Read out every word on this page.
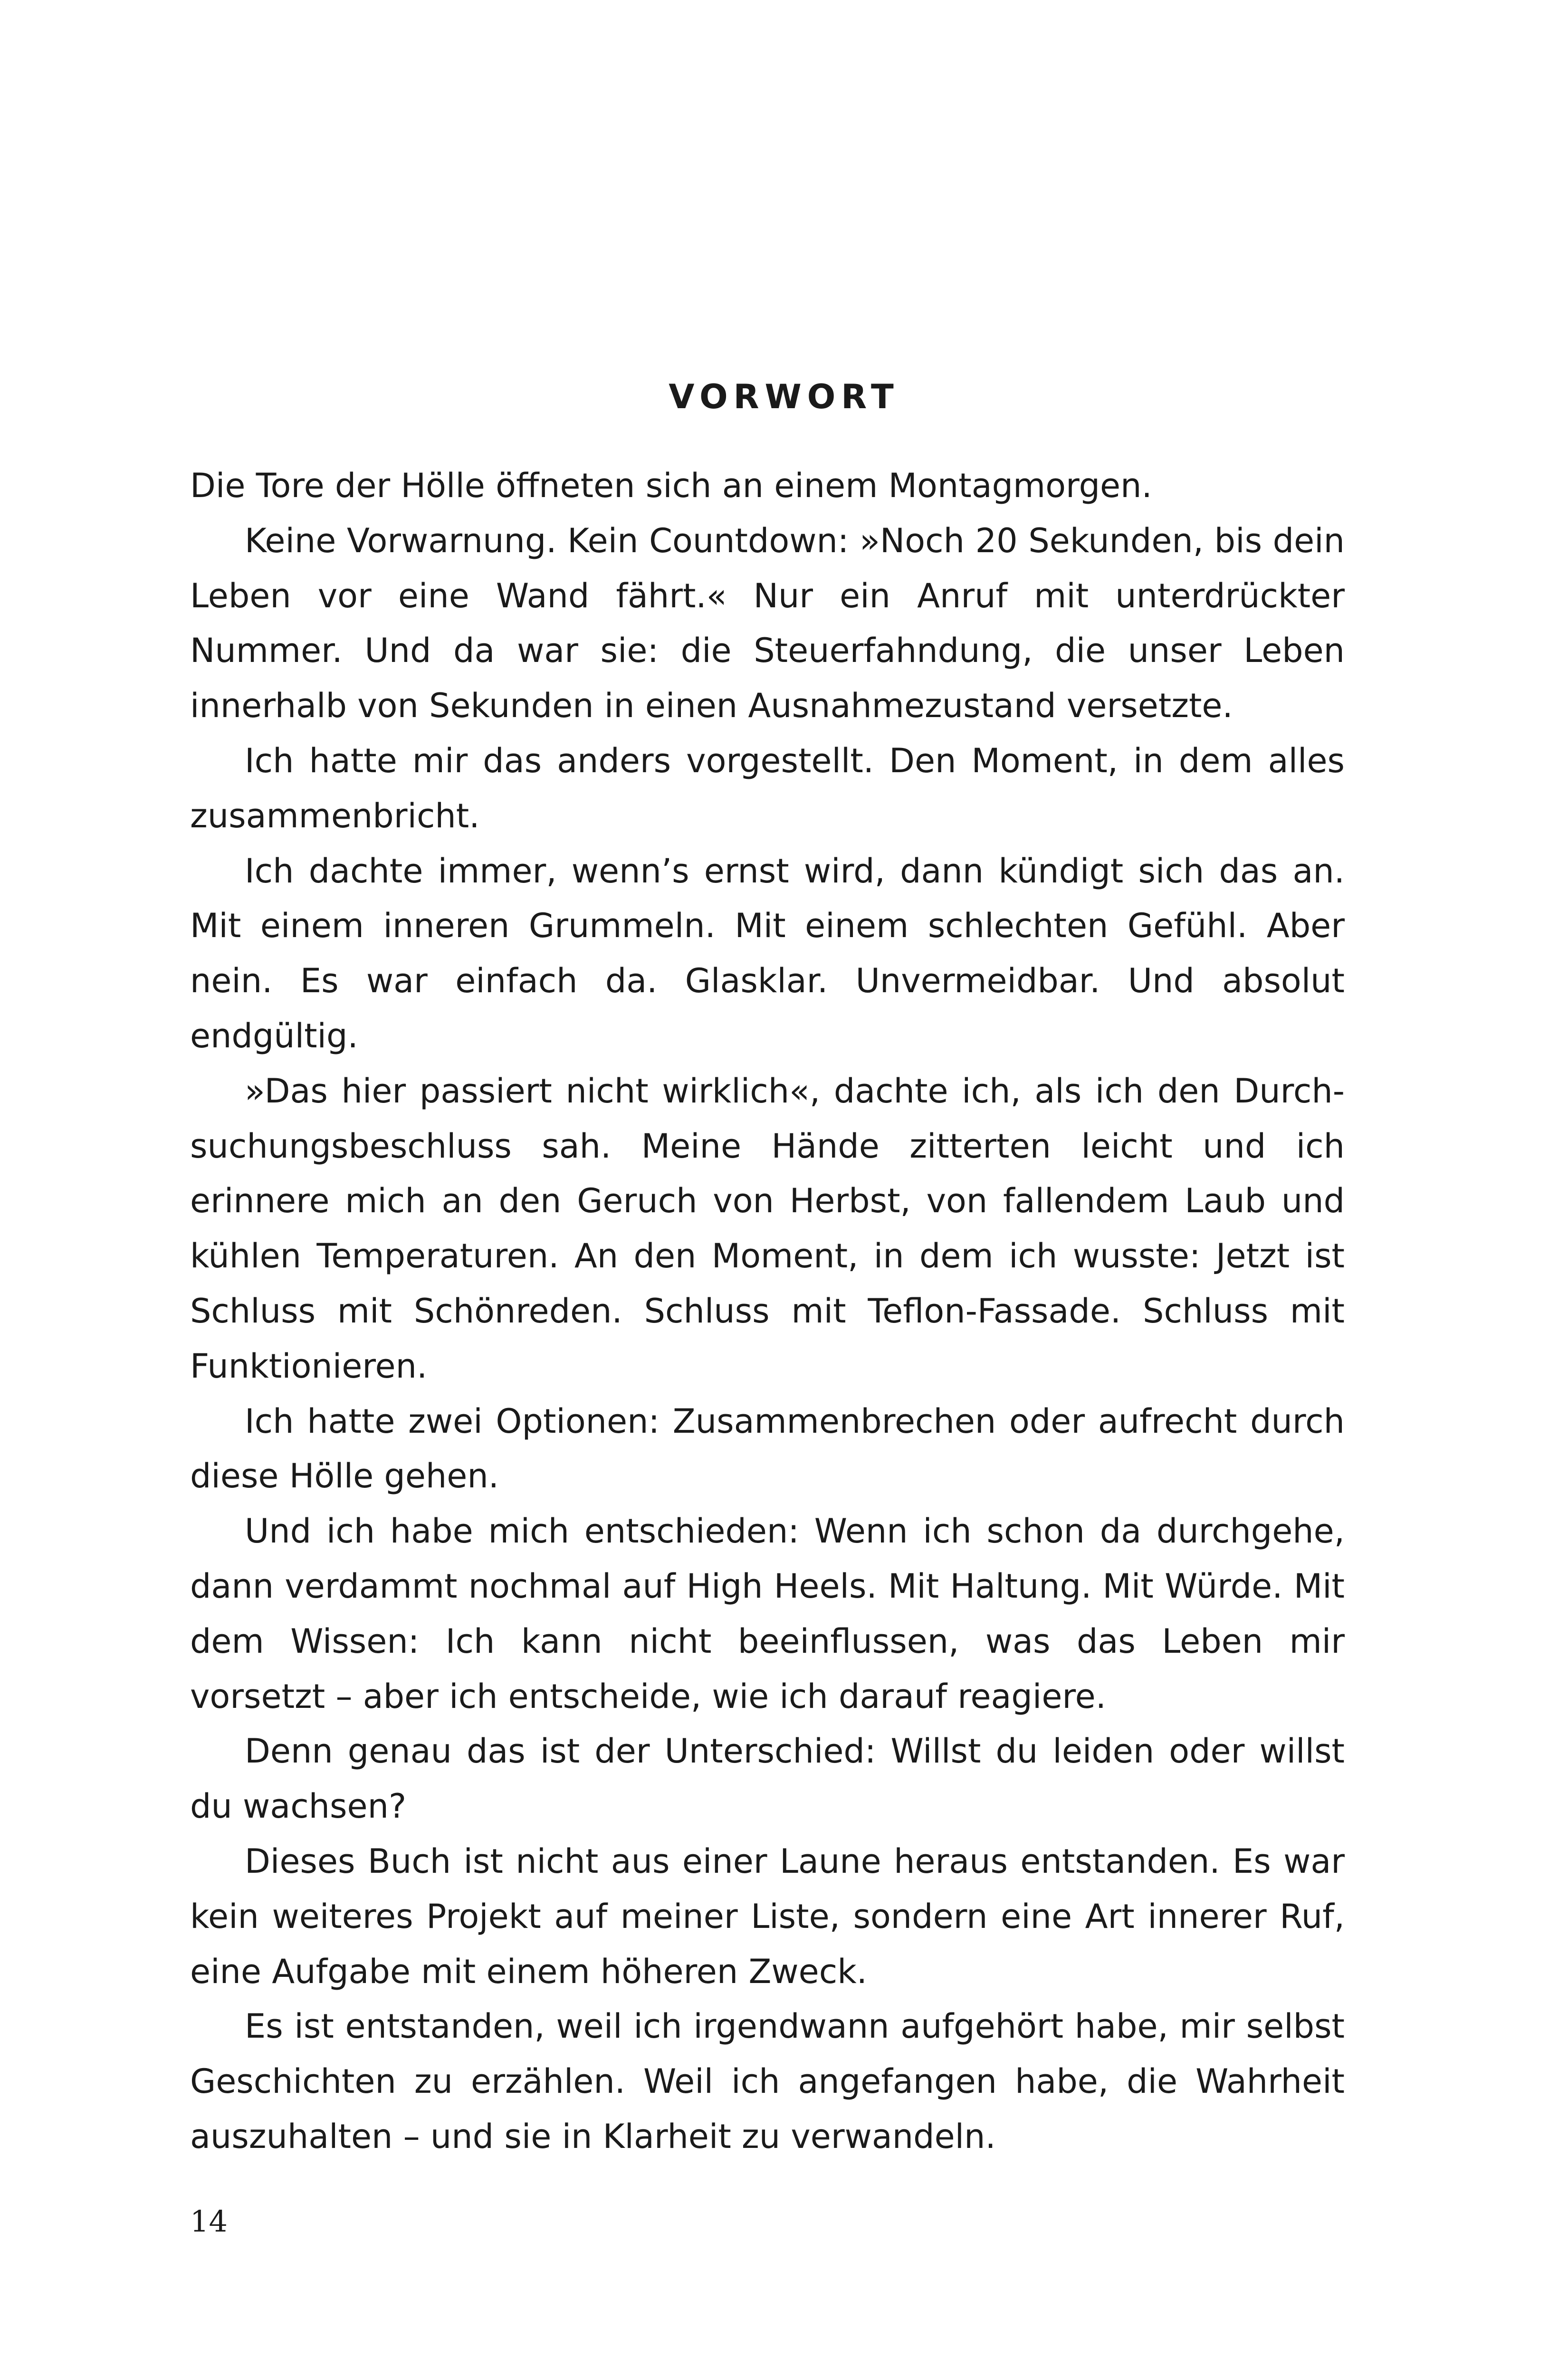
VORWORT

Die Tore der Hölle öffneten sich an einem Montagmorgen.

Keine Vorwarnung. Kein Countdown: »Noch 20 Sekunden, bis dein Leben vor eine Wand fährt.« Nur ein Anruf mit unterdrückter Nummer. Und da war sie: die Steuerfahndung, die unser Leben innerhalb von Sekunden in einen Ausnahmezustand versetzte.

Ich hatte mir das anders vorgestellt. Den Moment, in dem alles zusammenbricht.

Ich dachte immer, wenn’s ernst wird, dann kündigt sich das an. Mit einem inneren Grummeln. Mit einem schlechten Gefühl. Aber nein. Es war einfach da. Glasklar. Unvermeidbar. Und absolut endgültig.

»Das hier passiert nicht wirklich«, dachte ich, als ich den Durchsuchungsbeschluss sah. Meine Hände zitterten leicht und ich erinnere mich an den Geruch von Herbst, von fallendem Laub und kühlen Temperaturen. An den Moment, in dem ich wusste: Jetzt ist Schluss mit Schönreden. Schluss mit Teflon-Fassade. Schluss mit Funktionieren.

Ich hatte zwei Optionen: Zusammenbrechen oder aufrecht durch diese Hölle gehen.

Und ich habe mich entschieden: Wenn ich schon da durchgehe, dann verdammt nochmal auf High Heels. Mit Haltung. Mit Würde. Mit dem Wissen: Ich kann nicht beeinflussen, was das Leben mir vorsetzt – aber ich entscheide, wie ich darauf reagiere.

Denn genau das ist der Unterschied: Willst du leiden oder willst du wachsen?

Dieses Buch ist nicht aus einer Laune heraus entstanden. Es war kein weiteres Projekt auf meiner Liste, sondern eine Art innerer Ruf, eine Aufgabe mit einem höheren Zweck.

Es ist entstanden, weil ich irgendwann aufgehört habe, mir selbst Geschichten zu erzählen. Weil ich angefangen habe, die Wahrheit auszuhalten – und sie in Klarheit zu verwandeln.

14
